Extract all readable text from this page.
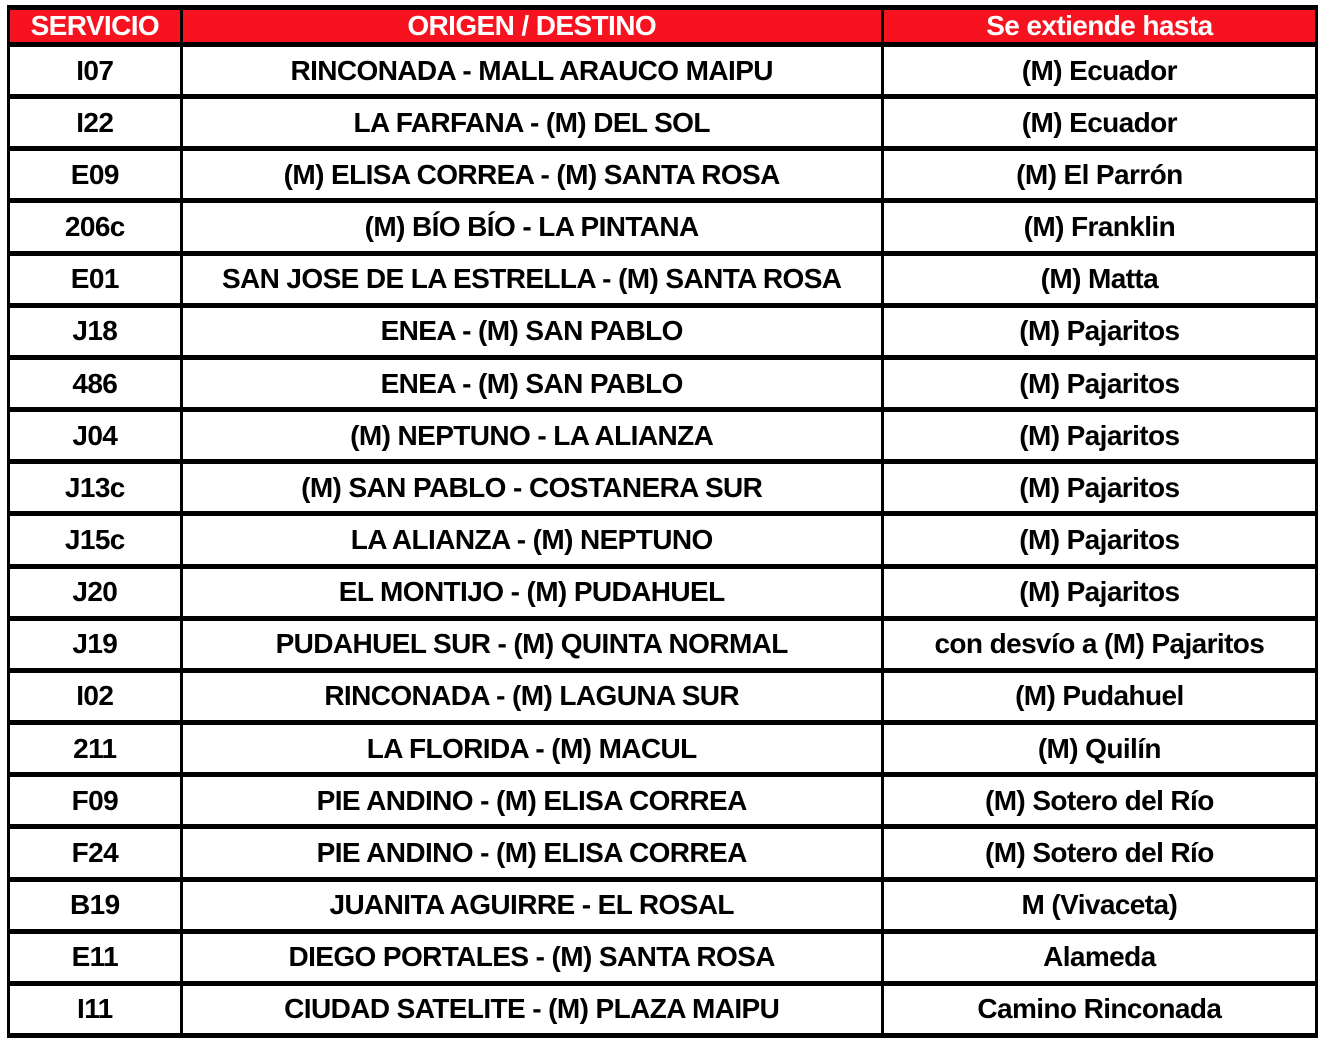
SERVICIO	ORIGEN / DESTINO	Se extiende hasta
I07	RINCONADA - MALL ARAUCO MAIPU	(M) Ecuador
I22	LA FARFANA - (M) DEL SOL	(M) Ecuador
E09	(M) ELISA CORREA - (M) SANTA ROSA	(M) El Parrón
206c	(M) BÍO BÍO - LA PINTANA	(M) Franklin
E01	SAN JOSE DE LA ESTRELLA - (M) SANTA ROSA	(M) Matta
J18	ENEA - (M) SAN PABLO	(M) Pajaritos
486	ENEA - (M) SAN PABLO	(M) Pajaritos
J04	(M) NEPTUNO - LA ALIANZA	(M) Pajaritos
J13c	(M) SAN PABLO - COSTANERA SUR	(M) Pajaritos
J15c	LA ALIANZA - (M) NEPTUNO	(M) Pajaritos
J20	EL MONTIJO - (M) PUDAHUEL	(M) Pajaritos
J19	PUDAHUEL SUR - (M) QUINTA NORMAL	con desvío a (M) Pajaritos
I02	RINCONADA - (M) LAGUNA SUR	(M) Pudahuel
211	LA FLORIDA - (M) MACUL	(M) Quilín
F09	PIE ANDINO - (M) ELISA CORREA	(M) Sotero del Río
F24	PIE ANDINO - (M) ELISA CORREA	(M) Sotero del Río
B19	JUANITA AGUIRRE - EL ROSAL	M (Vivaceta)
E11	DIEGO PORTALES - (M) SANTA ROSA	Alameda
I11	CIUDAD SATELITE - (M) PLAZA MAIPU	Camino Rinconada
